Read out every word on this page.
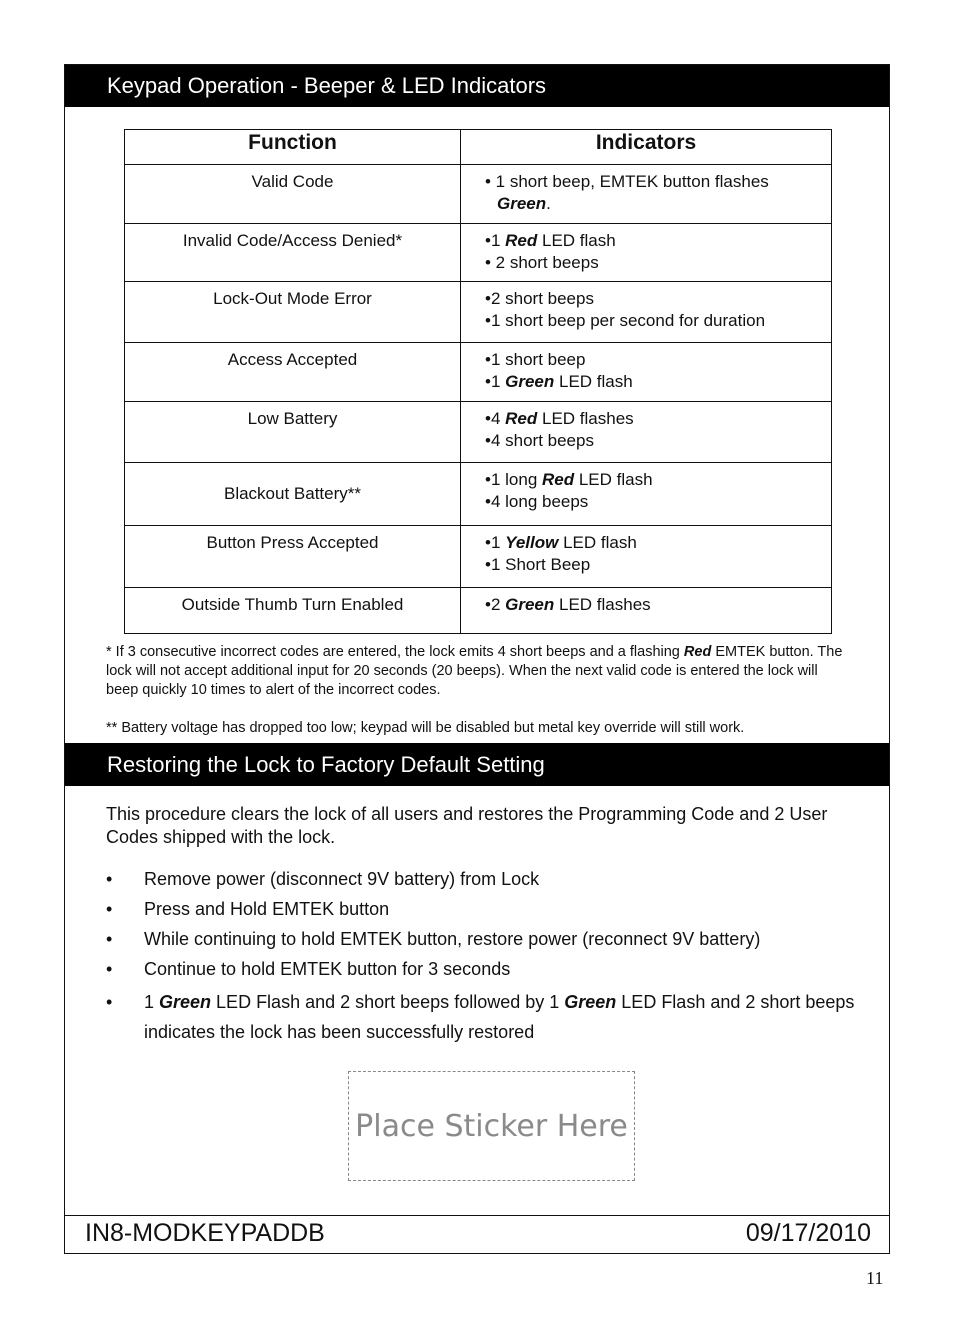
Keypad Operation - Beeper & LED Indicators
Function	Indicators
Valid Code	• 1 short beep, EMTEK button flashes
Green.

Invalid Code/Access Denied*	•1 Red LED flash
• 2 short beeps

Lock-Out Mode Error	•2 short beeps
•1 short beep per second for duration

Access Accepted	•1 short beep
•1 Green LED flash

Low Battery	•4 Red LED flashes
•4 short beeps

Blackout Battery**	•1 long Red LED flash
•4 long beeps

Button Press Accepted	•1 Yellow LED flash
•1 Short Beep

Outside Thumb Turn Enabled	•2 Green LED flashes

* If 3 consecutive incorrect codes are entered, the lock emits 4 short beeps and a flashing Red EMTEK button. The lock will not accept additional input for 20 seconds (20 beeps). When the next valid code is entered the lock will beep quickly 10 times to alert of the incorrect codes.

** Battery voltage has dropped too low; keypad will be disabled but metal key override will still work.

Restoring the Lock to Factory Default Setting
This procedure clears the lock of all users and restores the Programming Code and 2 User Codes shipped with the lock.
• Remove power (disconnect 9V battery) from Lock
• Press and Hold EMTEK button
• While continuing to hold EMTEK button, restore power (reconnect 9V battery)
• Continue to hold EMTEK button for 3 seconds
• 1 Green LED Flash and 2 short beeps followed by 1 Green LED Flash and 2 short beeps indicates the lock has been successfully restored
Place Sticker Here
IN8-MODKEYPADDB	09/17/2010
11
